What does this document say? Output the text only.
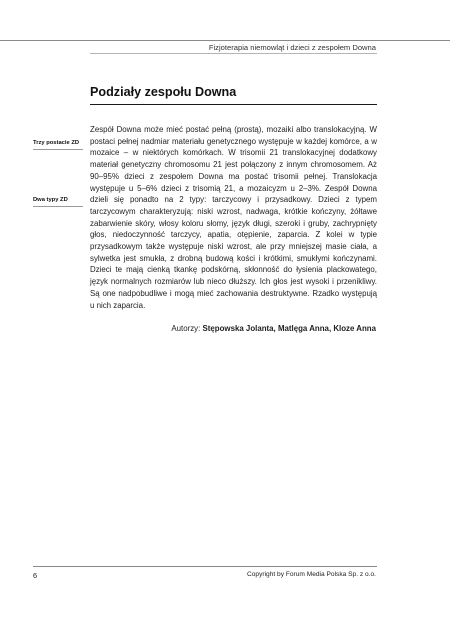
Fizjoterapia niemowląt i dzieci z zespołem Downa
Podziały zespołu Downa
Trzy postacie ZD
Dwa typy ZD

Zespół Downa może mieć postać pełną (prostą), mozaiki albo translokacyjną. W postaci pełnej nadmiar materiału genetycznego występuje w każdej komórce, a w mozaice – w niektórych komórkach. W trisomii 21 translokacyjnej dodatkowy materiał genetyczny chromosomu 21 jest połączony z innym chromosomem. Aż 90–95% dzieci z zespołem Downa ma postać trisomii pełnej. Translokacja występuje u 5–6% dzieci z trisomią 21, a mozaicyzm u 2–3%. Zespół Downa dzieli się ponadto na 2 typy: tarczycowy i przysadkowy. Dzieci z typem tarczycowym charakteryzują: niski wzrost, nadwaga, krótkie kończyny, żółtawe zabarwienie skóry, włosy koloru słomy, język długi, szeroki i gruby, zachrypnięty głos, niedoczynność tarczycy, apatia, otępienie, zaparcia. Z kolei w typie przysadkowym także występuje niski wzrost, ale przy mniejszej masie ciała, a sylwetka jest smukła, z drobną budową kości i krótkimi, smukłymi kończynami. Dzieci te mają cienką tkankę podskórną, skłonność do łysienia plackowatego, język normalnych rozmiarów lub nieco dłuższy. Ich głos jest wysoki i przenikliwy. Są one nadpobudliwe i mogą mieć zachowania destruktywne. Rzadko występują u nich zaparcia.

Autorzy: Stępowska Jolanta, Matlęga Anna, Kloze Anna
6	Copyright by Forum Media Polska Sp. z o.o.
